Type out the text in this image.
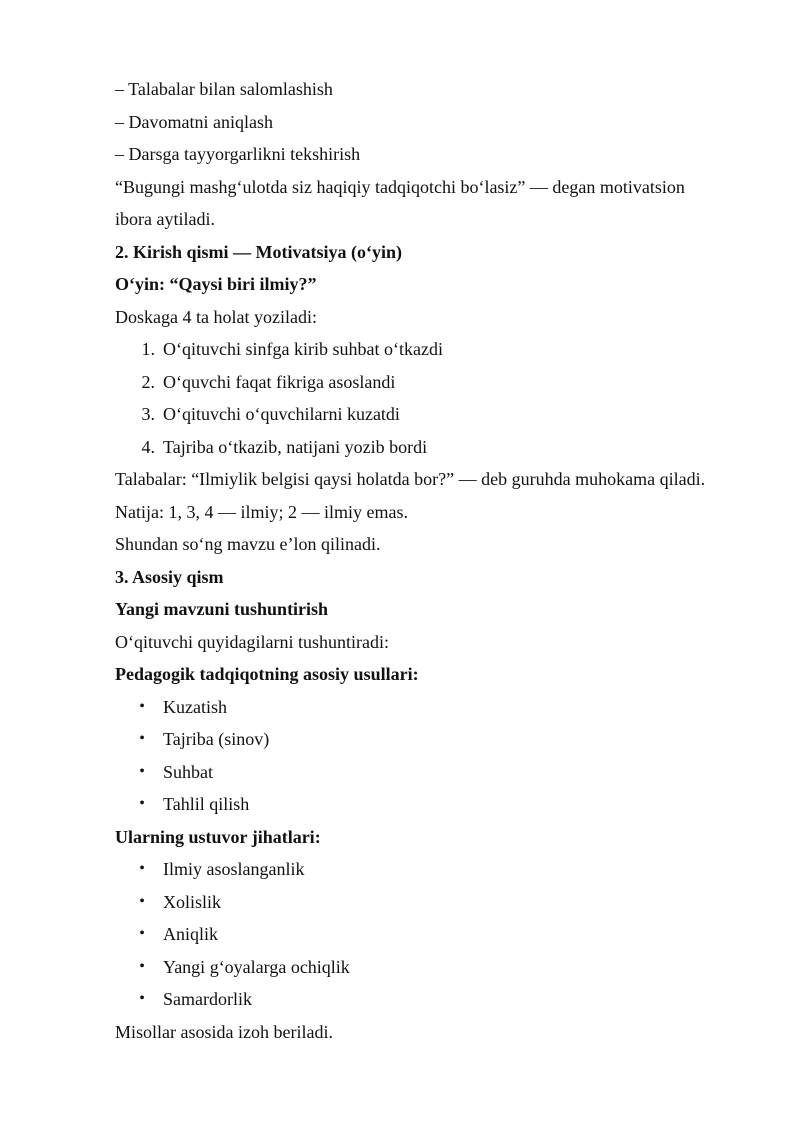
– Talabalar bilan salomlashish
– Davomatni aniqlash
– Darsga tayyorgarlikni tekshirish
“Bugungi mashg‘ulotda siz haqiqiy tadqiqotchi bo‘lasiz” — degan motivatsion
ibora aytiladi.
2. Kirish qismi — Motivatsiya (o‘yin)
O‘yin: “Qaysi biri ilmiy?”
Doskaga 4 ta holat yoziladi:
1. O‘qituvchi sinfga kirib suhbat o‘tkazdi
2. O‘quvchi faqat fikriga asoslandi
3. O‘qituvchi o‘quvchilarni kuzatdi
4. Tajriba o‘tkazib, natijani yozib bordi
Talabalar: “Ilmiylik belgisi qaysi holatda bor?” — deb guruhda muhokama qiladi.
Natija: 1, 3, 4 — ilmiy; 2 — ilmiy emas.
Shundan so‘ng mavzu e’lon qilinadi.
3. Asosiy qism
Yangi mavzuni tushuntirish
O‘qituvchi quyidagilarni tushuntiradi:
Pedagogik tadqiqotning asosiy usullari:
• Kuzatish
• Tajriba (sinov)
• Suhbat
• Tahlil qilish
Ularning ustuvor jihatlari:
• Ilmiy asoslanganlik
• Xolislik
• Aniqlik
• Yangi g‘oyalarga ochiqlik
• Samardorlik
Misollar asosida izoh beriladi.
